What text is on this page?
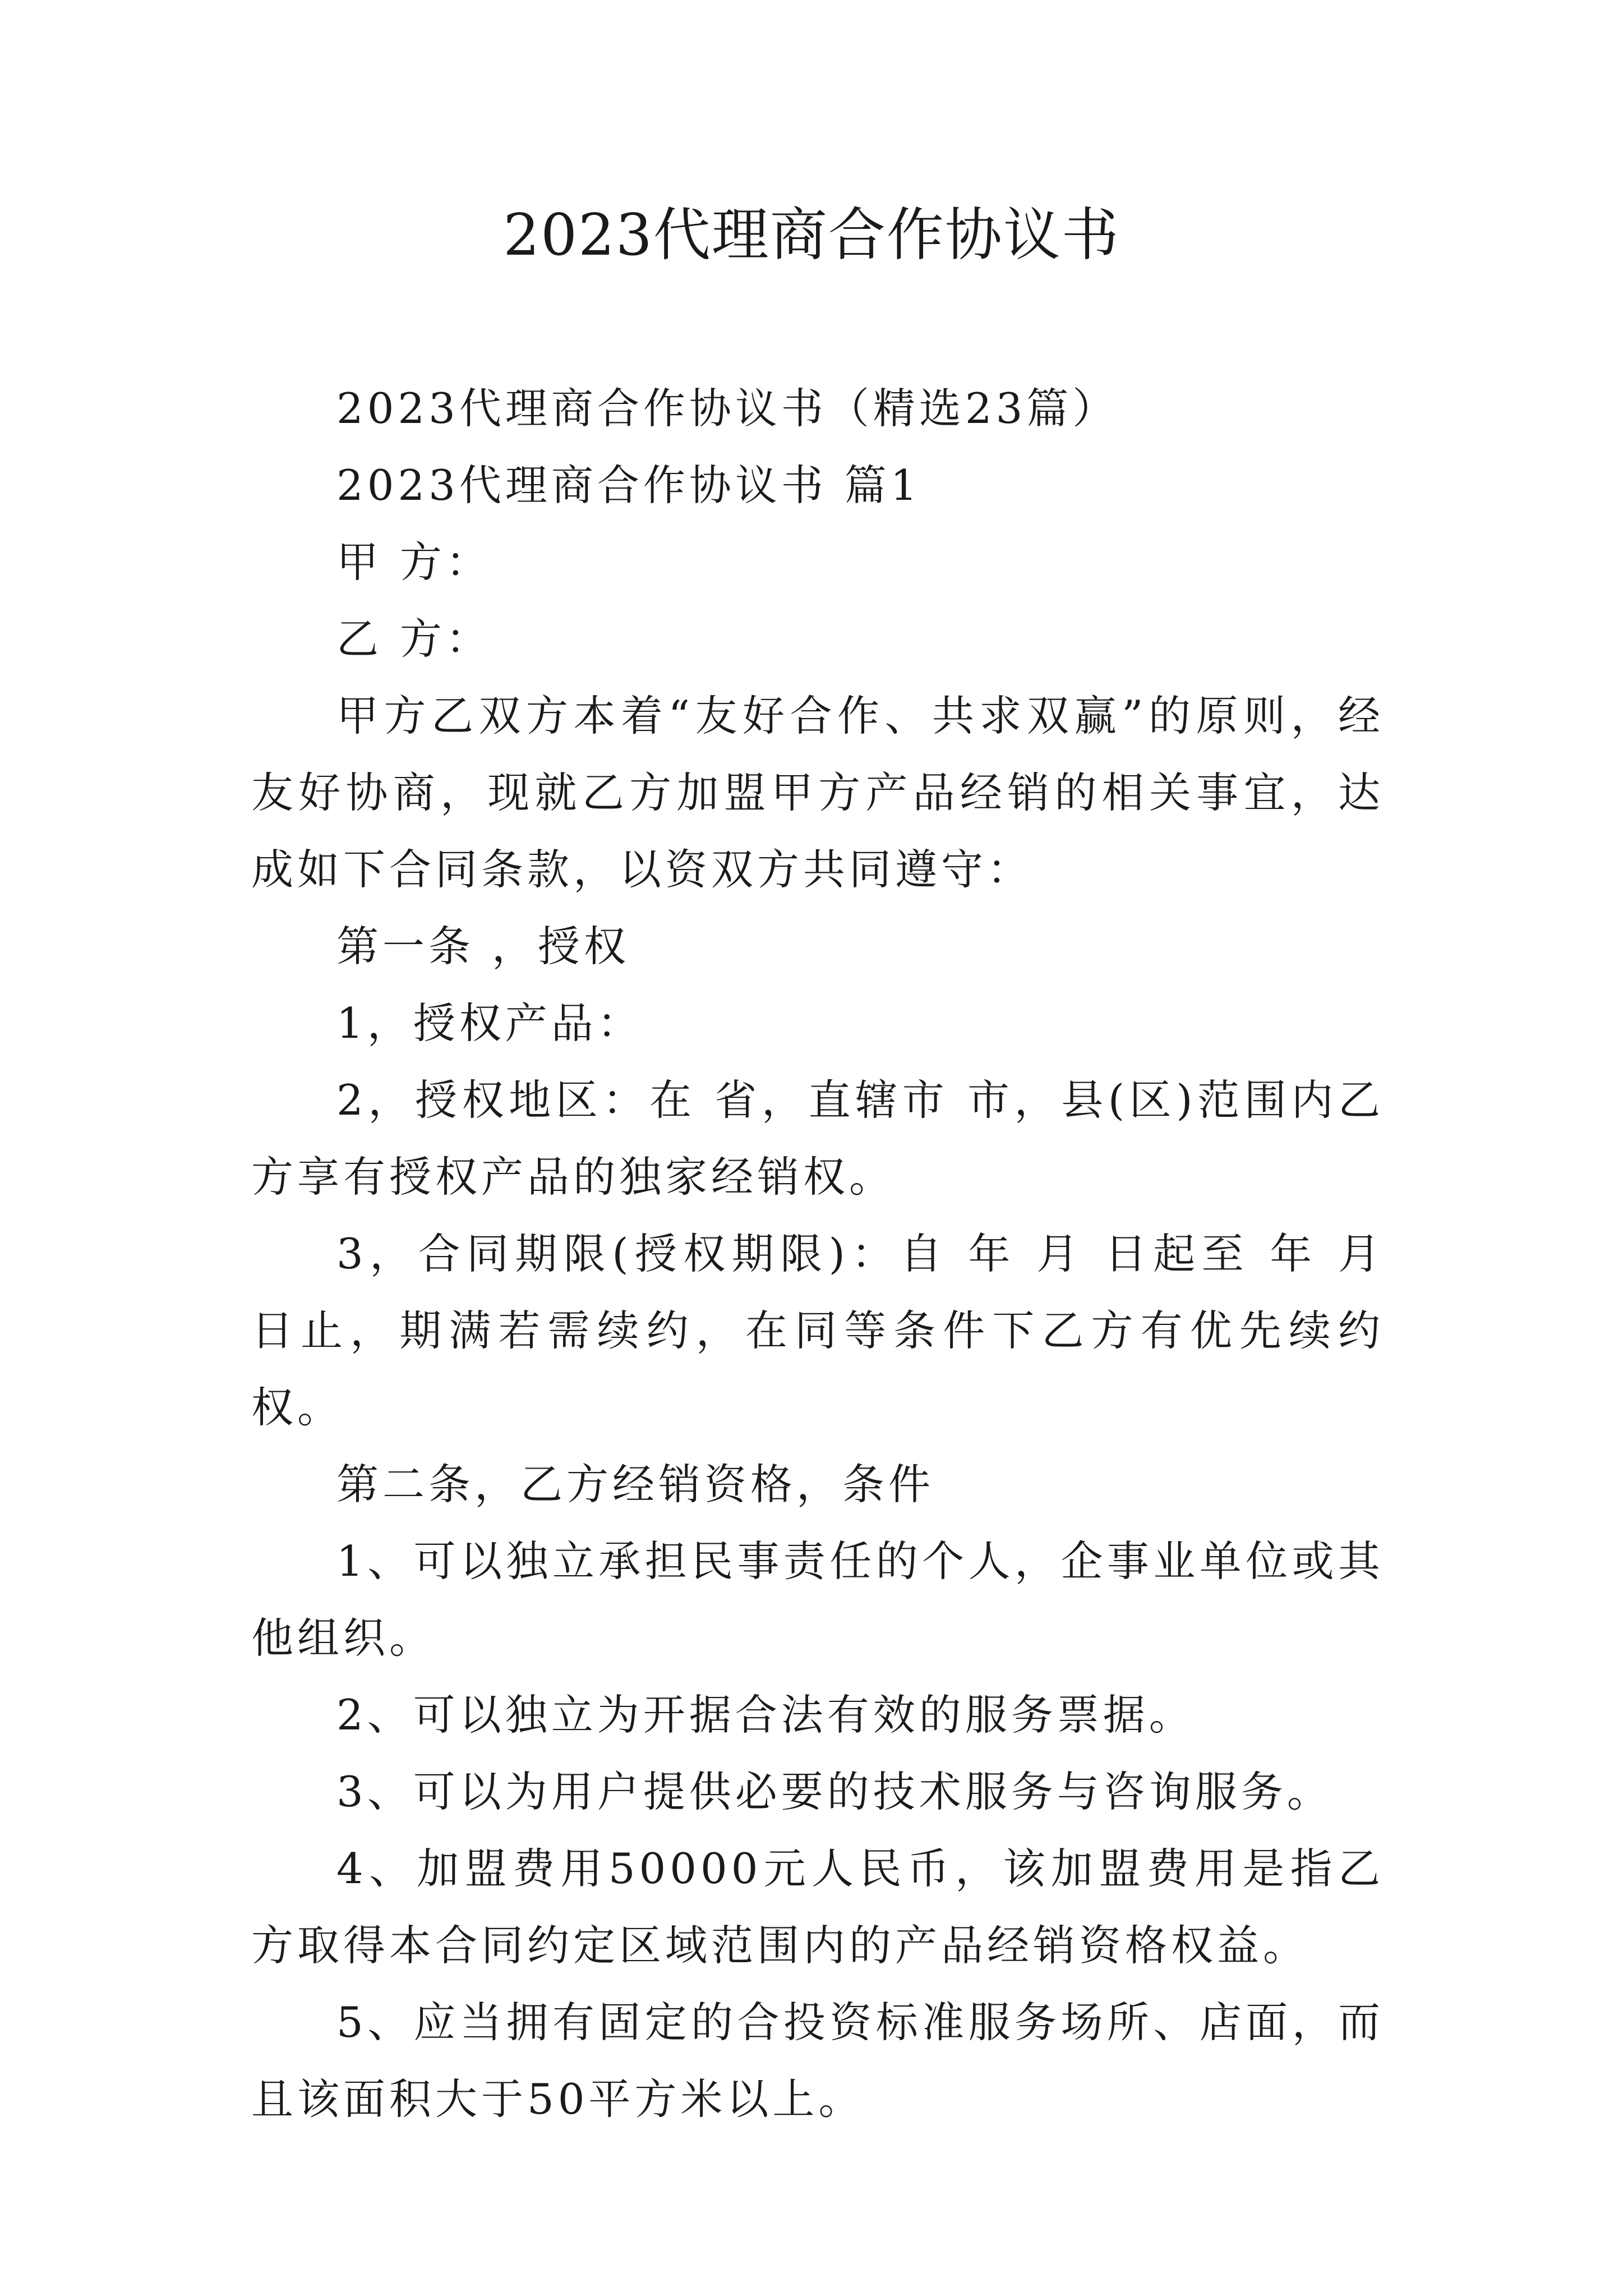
2023代理商合作协议书

2023代理商合作协议书（精选23篇）

2023代理商合作协议书 篇1

甲 方：

乙 方：

甲方乙双方本着“友好合作、共求双赢”的原则，经友好协商，现就乙方加盟甲方产品经销的相关事宜，达成如下合同条款，以资双方共同遵守：

第一条 ，授权

1，授权产品：

2，授权地区：在 省，直辖市 市，县(区)范围内乙方享有授权产品的独家经销权。

3，合同期限(授权期限)：自 年 月 日起至 年 月 日止，期满若需续约，在同等条件下乙方有优先续约权。

第二条，乙方经销资格，条件

1、可以独立承担民事责任的个人，企事业单位或其他组织。

2、可以独立为开据合法有效的服务票据。

3、可以为用户提供必要的技术服务与咨询服务。

4、加盟费用50000元人民币，该加盟费用是指乙方取得本合同约定区域范围内的产品经销资格权益。

5、应当拥有固定的合投资标准服务场所、店面，而且该面积大于50平方米以上。
